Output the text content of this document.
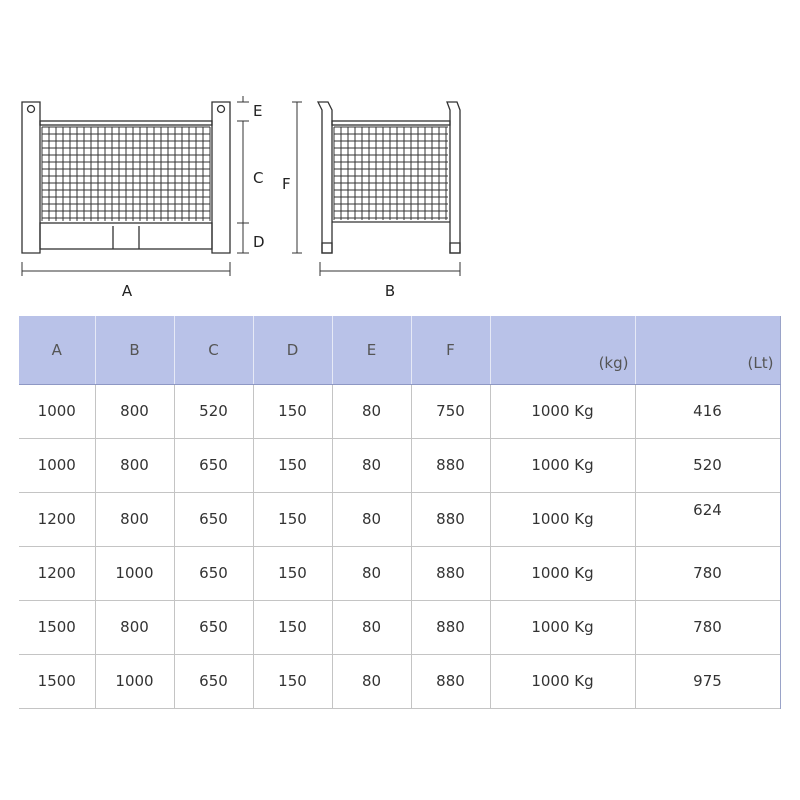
A	B
E
C
D
F
A	B	C	D	E	F	(kg)	(Lt)
1000	800	520	150	80	750	1000 Kg	416
1000	800	650	150	80	880	1000 Kg	520
1200	800	650	150	80	880	1000 Kg	624
1200	1000	650	150	80	880	1000 Kg	780
1500	800	650	150	80	880	1000 Kg	780
1500	1000	650	150	80	880	1000 Kg	975
